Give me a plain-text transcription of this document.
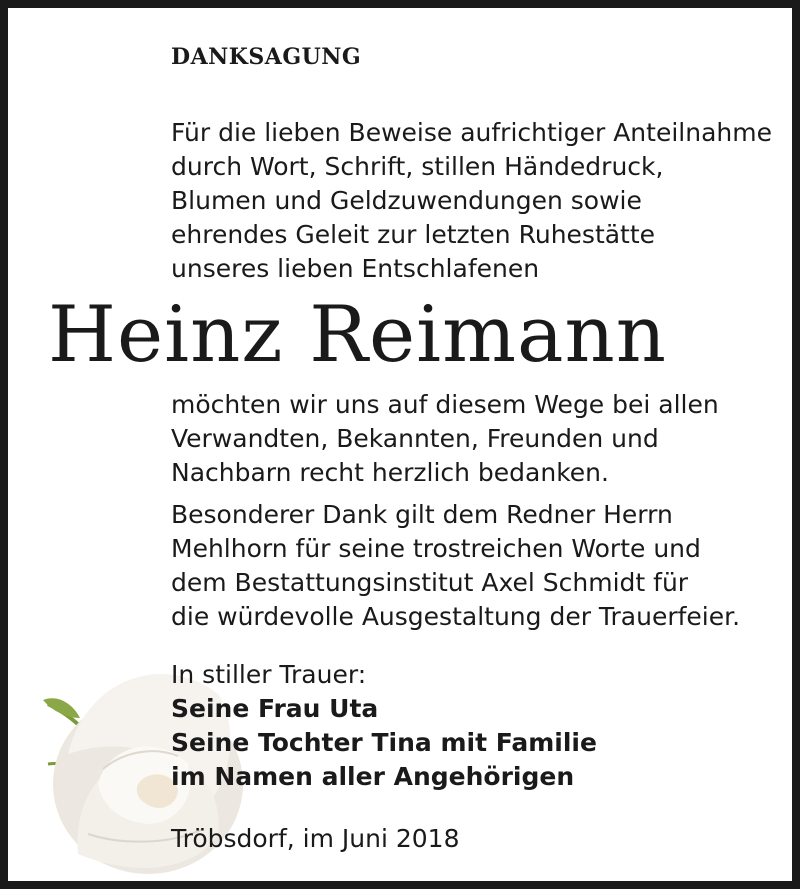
DANKSAGUNG

Für die lieben Beweise aufrichtiger Anteilnahme
durch Wort, Schrift, stillen Händedruck,
Blumen und Geldzuwendungen sowie
ehrendes Geleit zur letzten Ruhestätte
unseres lieben Entschlafenen

Heinz Reimann

möchten wir uns auf diesem Wege bei allen
Verwandten, Bekannten, Freunden und
Nachbarn recht herzlich bedanken.

Besonderer Dank gilt dem Redner Herrn
Mehlhorn für seine trostreichen Worte und
dem Bestattungsinstitut Axel Schmidt für
die würdevolle Ausgestaltung der Trauerfeier.

In stiller Trauer:
Seine Frau Uta
Seine Tochter Tina mit Familie
im Namen aller Angehörigen

Tröbsdorf, im Juni 2018
